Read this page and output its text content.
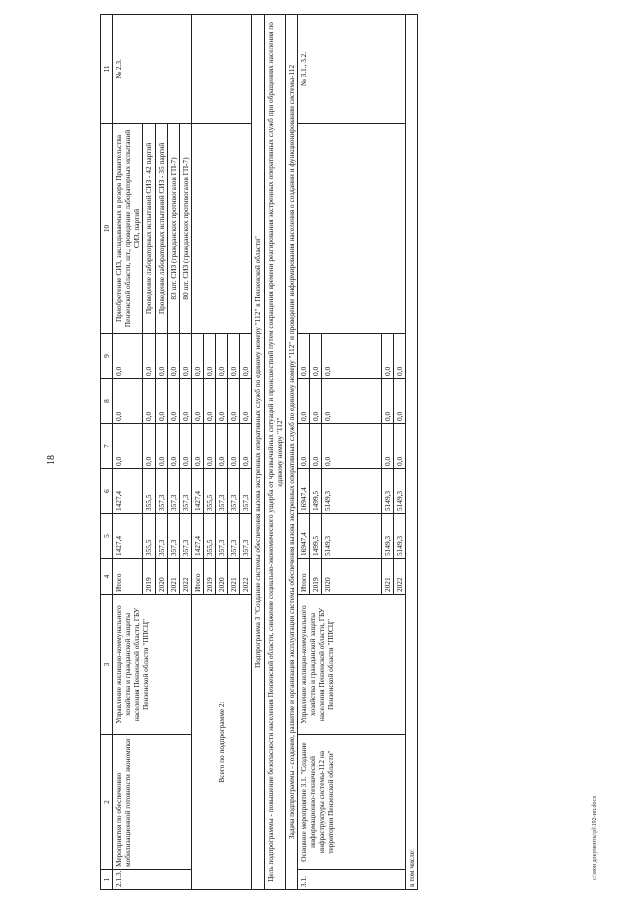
18
c:\мои документы\pl\192-ип.docx
1	2	3	4	5	6	7	8	9	10	11
2.1.3.	Мероприятия по обеспечению мобилизационной готовности экономики	Управление жилищно-коммунального хозяйства и гражданской защиты населения Пензенской области, ГБУ Пензенской области "ППСЦ"	Итого	1427,4	1427,4	0,0	0,0	0,0	Приобретение СИЗ, закладываемых в резерв Правительства Пензенской области, шт., проведение лабораторных испытаний СИЗ, партий	№ 2.3.
			2019	355,5	355,5	0,0	0,0	0,0	Проведение лабораторных испытаний СИЗ - 42 партий	
			2020	357,3	357,3	0,0	0,0	0,0	Проведение лабораторных испытаний СИЗ - 35 партий	
			2021	357,3	357,3	0,0	0,0	0,0	83 шт. СИЗ (гражданских противогазов ГП-7)	
			2022	357,3	357,3	0,0	0,0	0,0	80 шт. СИЗ (гражданских противогазов ГП-7)	
Всего по подпрограмме 2:			Итого	1427,4	1427,4	0,0	0,0	0,0		
			2019	355,5	355,5	0,0	0,0	0,0		
			2020	357,3	357,3	0,0	0,0	0,0		
			2021	357,3	357,3	0,0	0,0	0,0		
			2022	357,3	357,3	0,0	0,0	0,0		
Подпрограмма 3 "Создание системы обеспечения вызова экстренных оперативных служб по единому номеру "112" в Пензенской области"										
Цель подпрограммы - повышение безопасности населения Пензенской области, снижение социально-экономического ущерба от чрезвычайных ситуаций и происшествий путем сокращения времени реагирования экстренных оперативных служб при обращениях населения по единому номеру "112"										
Задача подпрограммы - создание, развитие и организация эксплуатации системы обеспечения вызова экстренных оперативных служб по единому номеру "112" и проведение информирования населения о создании и функционировании системы-112										
3.1.	Основное мероприятие 3.1. "Создание информационно-технической инфраструктуры системы-112 на территории Пензенской области"	Управление жилищно-коммунального хозяйства и гражданской защиты населения Пензенской области, ГБУ Пензенской области "ППСЦ"	Итого	16947,4	16947,4	0,0	0,0	0,0		№ 3.1., 3.2.
			2019	1499,5	1499,5	0,0	0,0	0,0		
			2020	5149,3	5149,3	0,0	0,0	0,0		
			2021	5149,3	5149,3	0,0	0,0	0,0		
			2022	5149,3	5149,3	0,0	0,0	0,0		
в том числе:										
